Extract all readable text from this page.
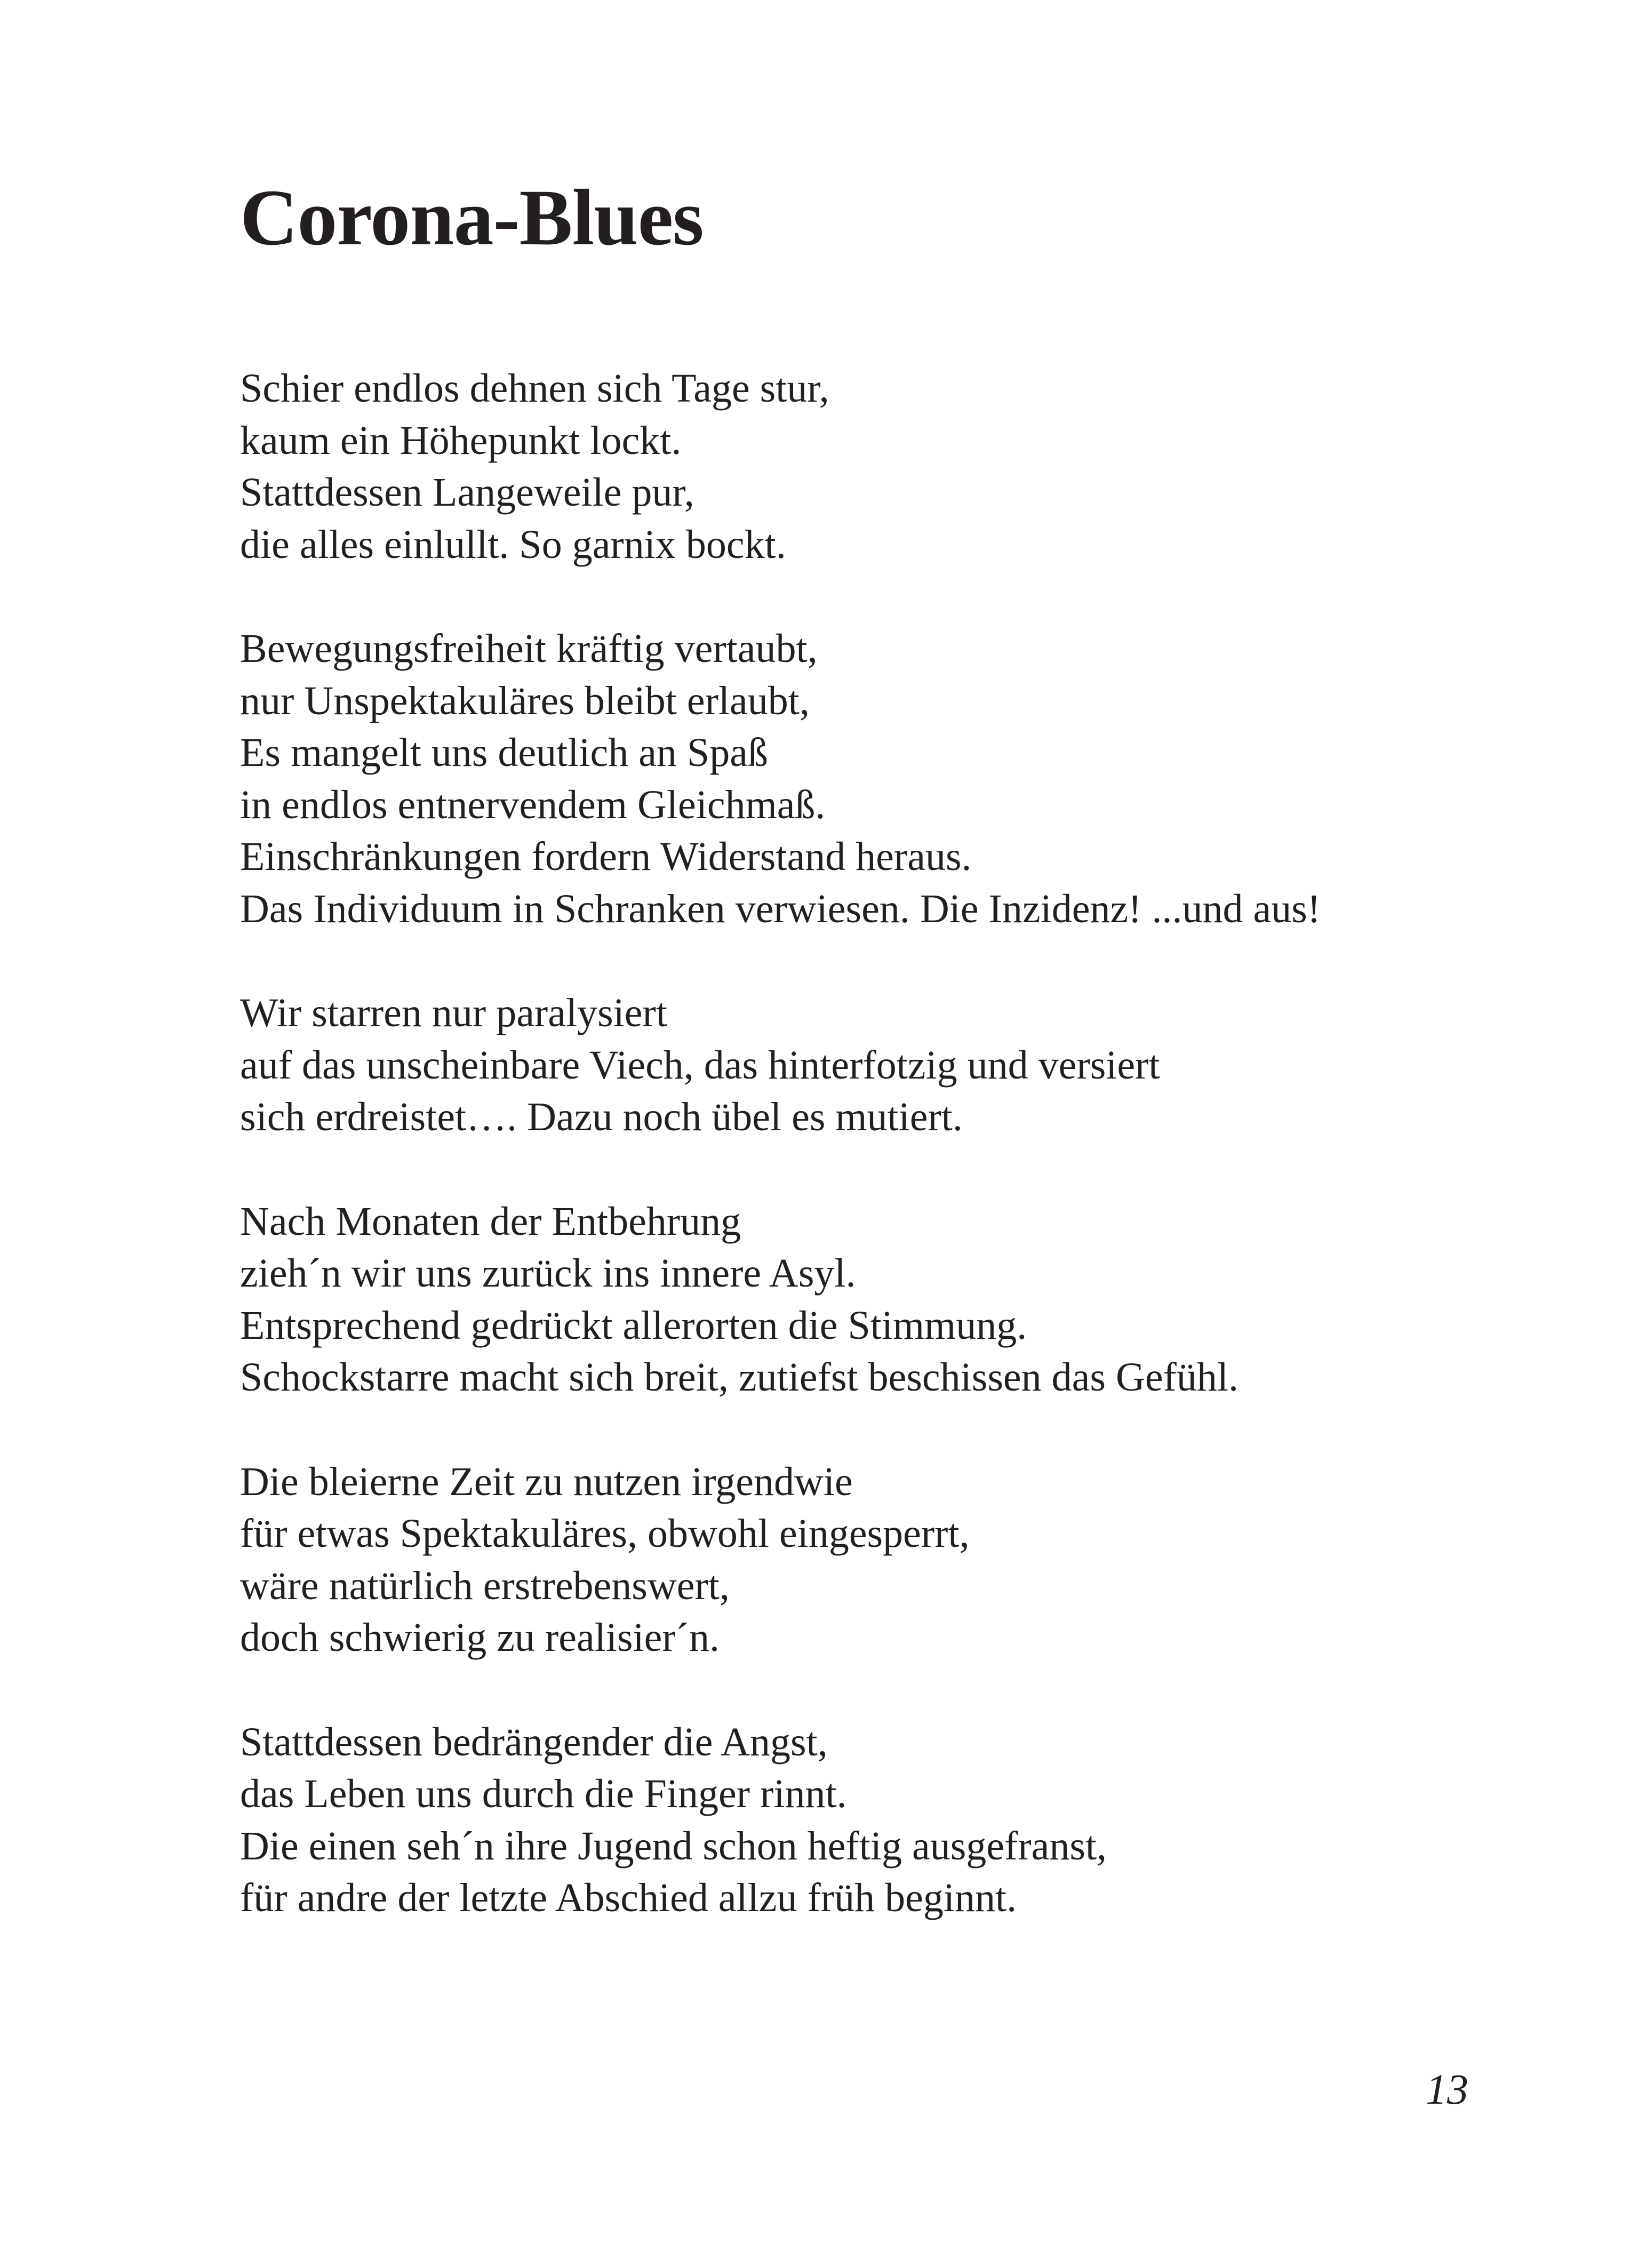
Corona-Blues
Schier endlos dehnen sich Tage stur,
kaum ein Höhepunkt lockt.
Stattdessen Langeweile pur,
die alles einlullt. So garnix bockt.
Bewegungsfreiheit kräftig vertaubt,
nur Unspektakuläres bleibt erlaubt,
Es mangelt uns deutlich an Spaß
in endlos entnervendem Gleichmaß.
Einschränkungen fordern Widerstand heraus.
Das Individuum in Schranken verwiesen. Die Inzidenz! ...und aus!
Wir starren nur paralysiert
auf das unscheinbare Viech, das hinterfotzig und versiert
sich erdreistet…. Dazu noch übel es mutiert.
Nach Monaten der Entbehrung
zieh´n wir uns zurück ins innere Asyl.
Entsprechend gedrückt allerorten die Stimmung.
Schockstarre macht sich breit, zutiefst beschissen das Gefühl.
Die bleierne Zeit zu nutzen irgendwie
für etwas Spektakuläres, obwohl eingesperrt,
wäre natürlich erstrebenswert,
doch schwierig zu realisier´n.
Stattdessen bedrängender die Angst,
das Leben uns durch die Finger rinnt.
Die einen seh´n ihre Jugend schon heftig ausgefranst,
für andre der letzte Abschied allzu früh beginnt.
13
